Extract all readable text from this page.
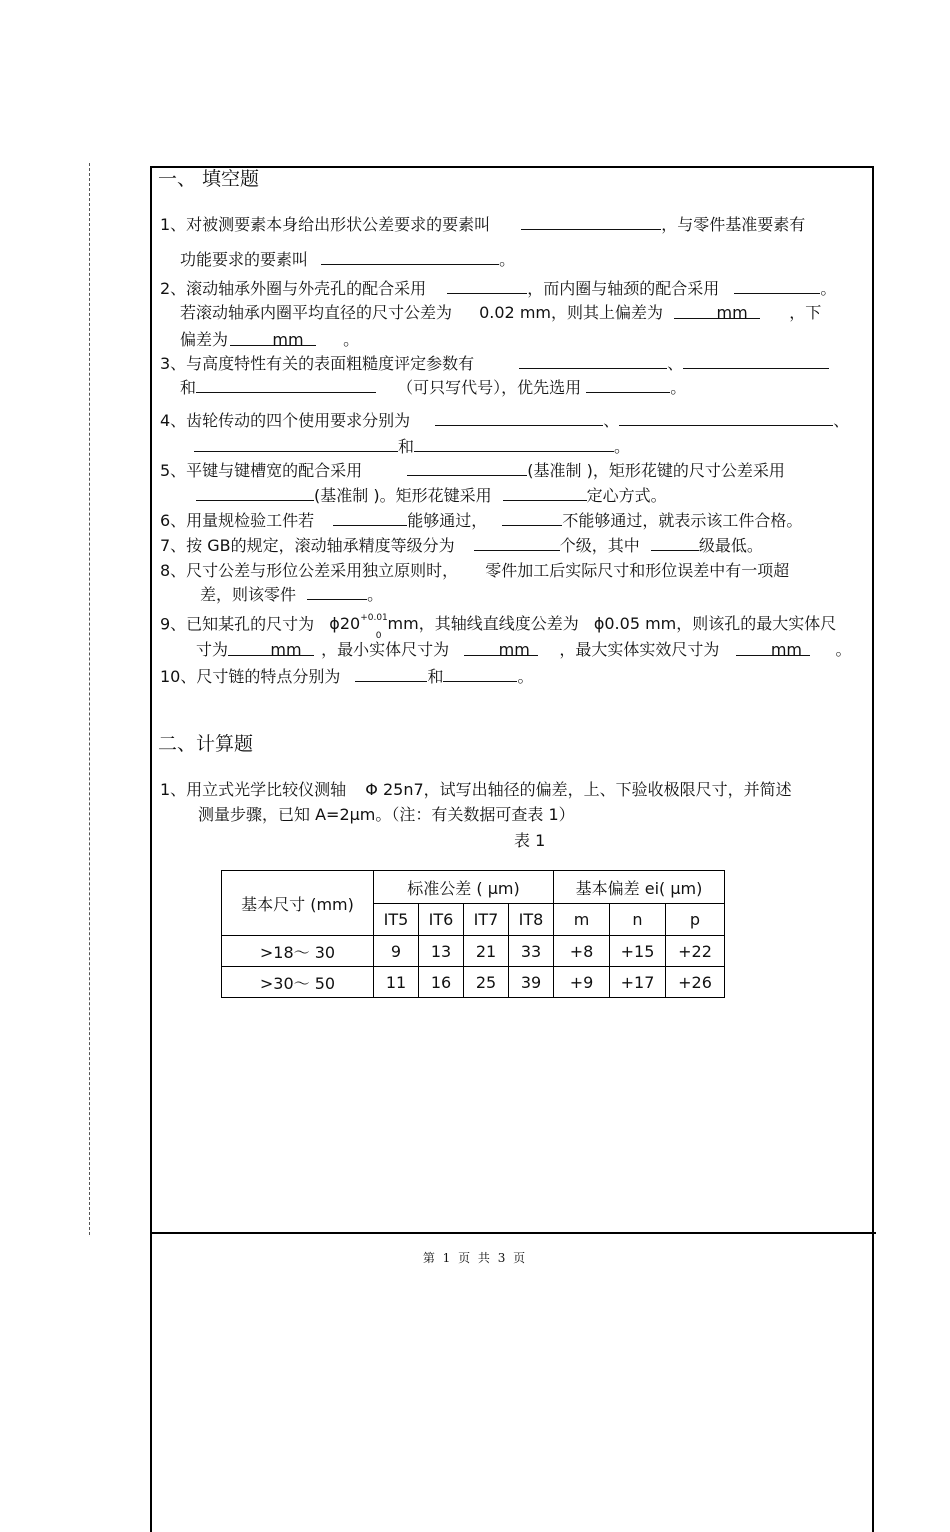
一、 填空题
1、对被测要素本身给出形状公差要求的要素叫	，与零件基准要素有
功能要求的要素叫	。
2、滚动轴承外圈与外壳孔的配合采用	，而内圈与轴颈的配合采用	。
若滚动轴承内圈平均直径的尺寸公差为 0.02 mm，则其上偏差为	mm	，下
偏差为	mm 。
3、与高度特性有关的表面粗糙度评定参数有	、
和	（可只写代号），优先选用	。
4、齿轮传动的四个使用要求分别为	、	、
和	。
5、平键与键槽宽的配合采用	(基准制 )，矩形花键的尺寸公差采用
(基准制 )。矩形花键采用	定心方式。
6、用量规检验工件若	能够通过，	不能够通过，就表示该工件合格。
7、按 GB的规定，滚动轴承精度等级分为	个级，其中	级最低。
8、尺寸公差与形位公差采用独立原则时， 零件加工后实际尺寸和形位误差中有一项超
差，则该零件	。
9、已知某孔的尺寸为 $\phi 20^{+0.01}_0mm$，其轴线直线度公差为 ϕ0.05 mm，则该孔的最大实体尺
寸为	mm ，最小实体尺寸为	mm ，最大实体实效尺寸为	mm 。
10、尺寸链的特点分别为	和	。
二、计算题
1、用立式光学比较仪测轴 Φ 25n7，试写出轴径的偏差，上、下验收极限尺寸，并简述
测量步骤，已知 A=2μm。（注：有关数据可查表 1）
表 1
基本尺寸 (mm)	标准公差 ( μm)				基本偏差 ei( μm)		
	IT5	IT6	IT7	IT8	m	n	p
>18～ 30	9	13	21	33	+8	+15	+22
>30～ 50	11	16	25	39	+9	+17	+26
第 1 页 共 3 页
